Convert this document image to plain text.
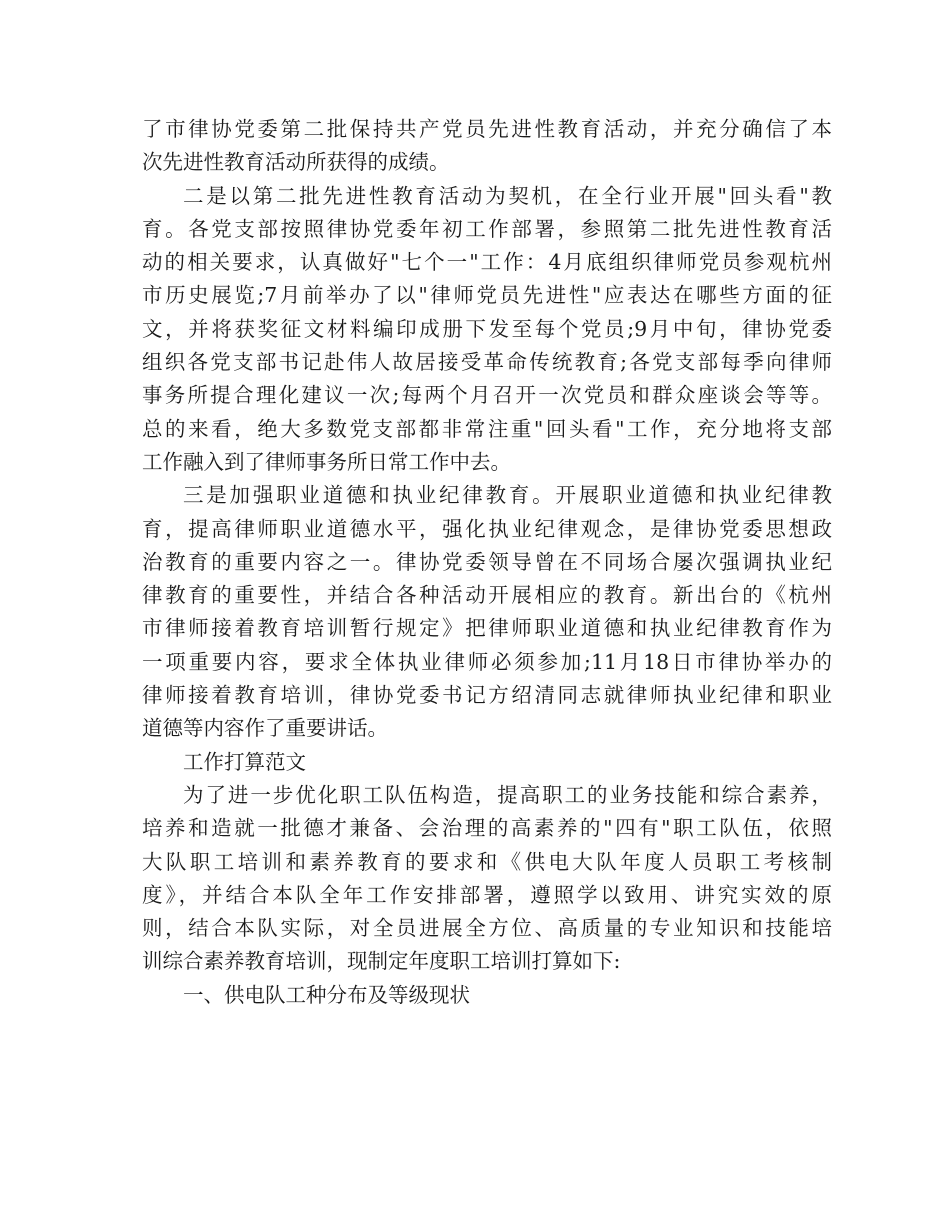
了市律协党委第二批保持共产党员先进性教育活动，并充分确信了本
次先进性教育活动所获得的成绩。
二是以第二批先进性教育活动为契机，在全行业开展"回头看"教
育。各党支部按照律协党委年初工作部署，参照第二批先进性教育活
动的相关要求，认真做好"七个一"工作：4月底组织律师党员参观杭州
市历史展览;7月前举办了以"律师党员先进性"应表达在哪些方面的征
文，并将获奖征文材料编印成册下发至每个党员;9月中旬，律协党委
组织各党支部书记赴伟人故居接受革命传统教育;各党支部每季向律师
事务所提合理化建议一次;每两个月召开一次党员和群众座谈会等等。
总的来看，绝大多数党支部都非常注重"回头看"工作，充分地将支部
工作融入到了律师事务所日常工作中去。
三是加强职业道德和执业纪律教育。开展职业道德和执业纪律教
育，提高律师职业道德水平，强化执业纪律观念，是律协党委思想政
治教育的重要内容之一。律协党委领导曾在不同场合屡次强调执业纪
律教育的重要性，并结合各种活动开展相应的教育。新出台的《杭州
市律师接着教育培训暂行规定》把律师职业道德和执业纪律教育作为
一项重要内容，要求全体执业律师必须参加;11月18日市律协举办的
律师接着教育培训，律协党委书记方绍清同志就律师执业纪律和职业
道德等内容作了重要讲话。
工作打算范文
为了进一步优化职工队伍构造，提高职工的业务技能和综合素养，
培养和造就一批德才兼备、会治理的高素养的"四有"职工队伍，依照
大队职工培训和素养教育的要求和《供电大队年度人员职工考核制
度》，并结合本队全年工作安排部署，遵照学以致用、讲究实效的原
则，结合本队实际，对全员进展全方位、高质量的专业知识和技能培
训综合素养教育培训，现制定年度职工培训打算如下:
一、供电队工种分布及等级现状
